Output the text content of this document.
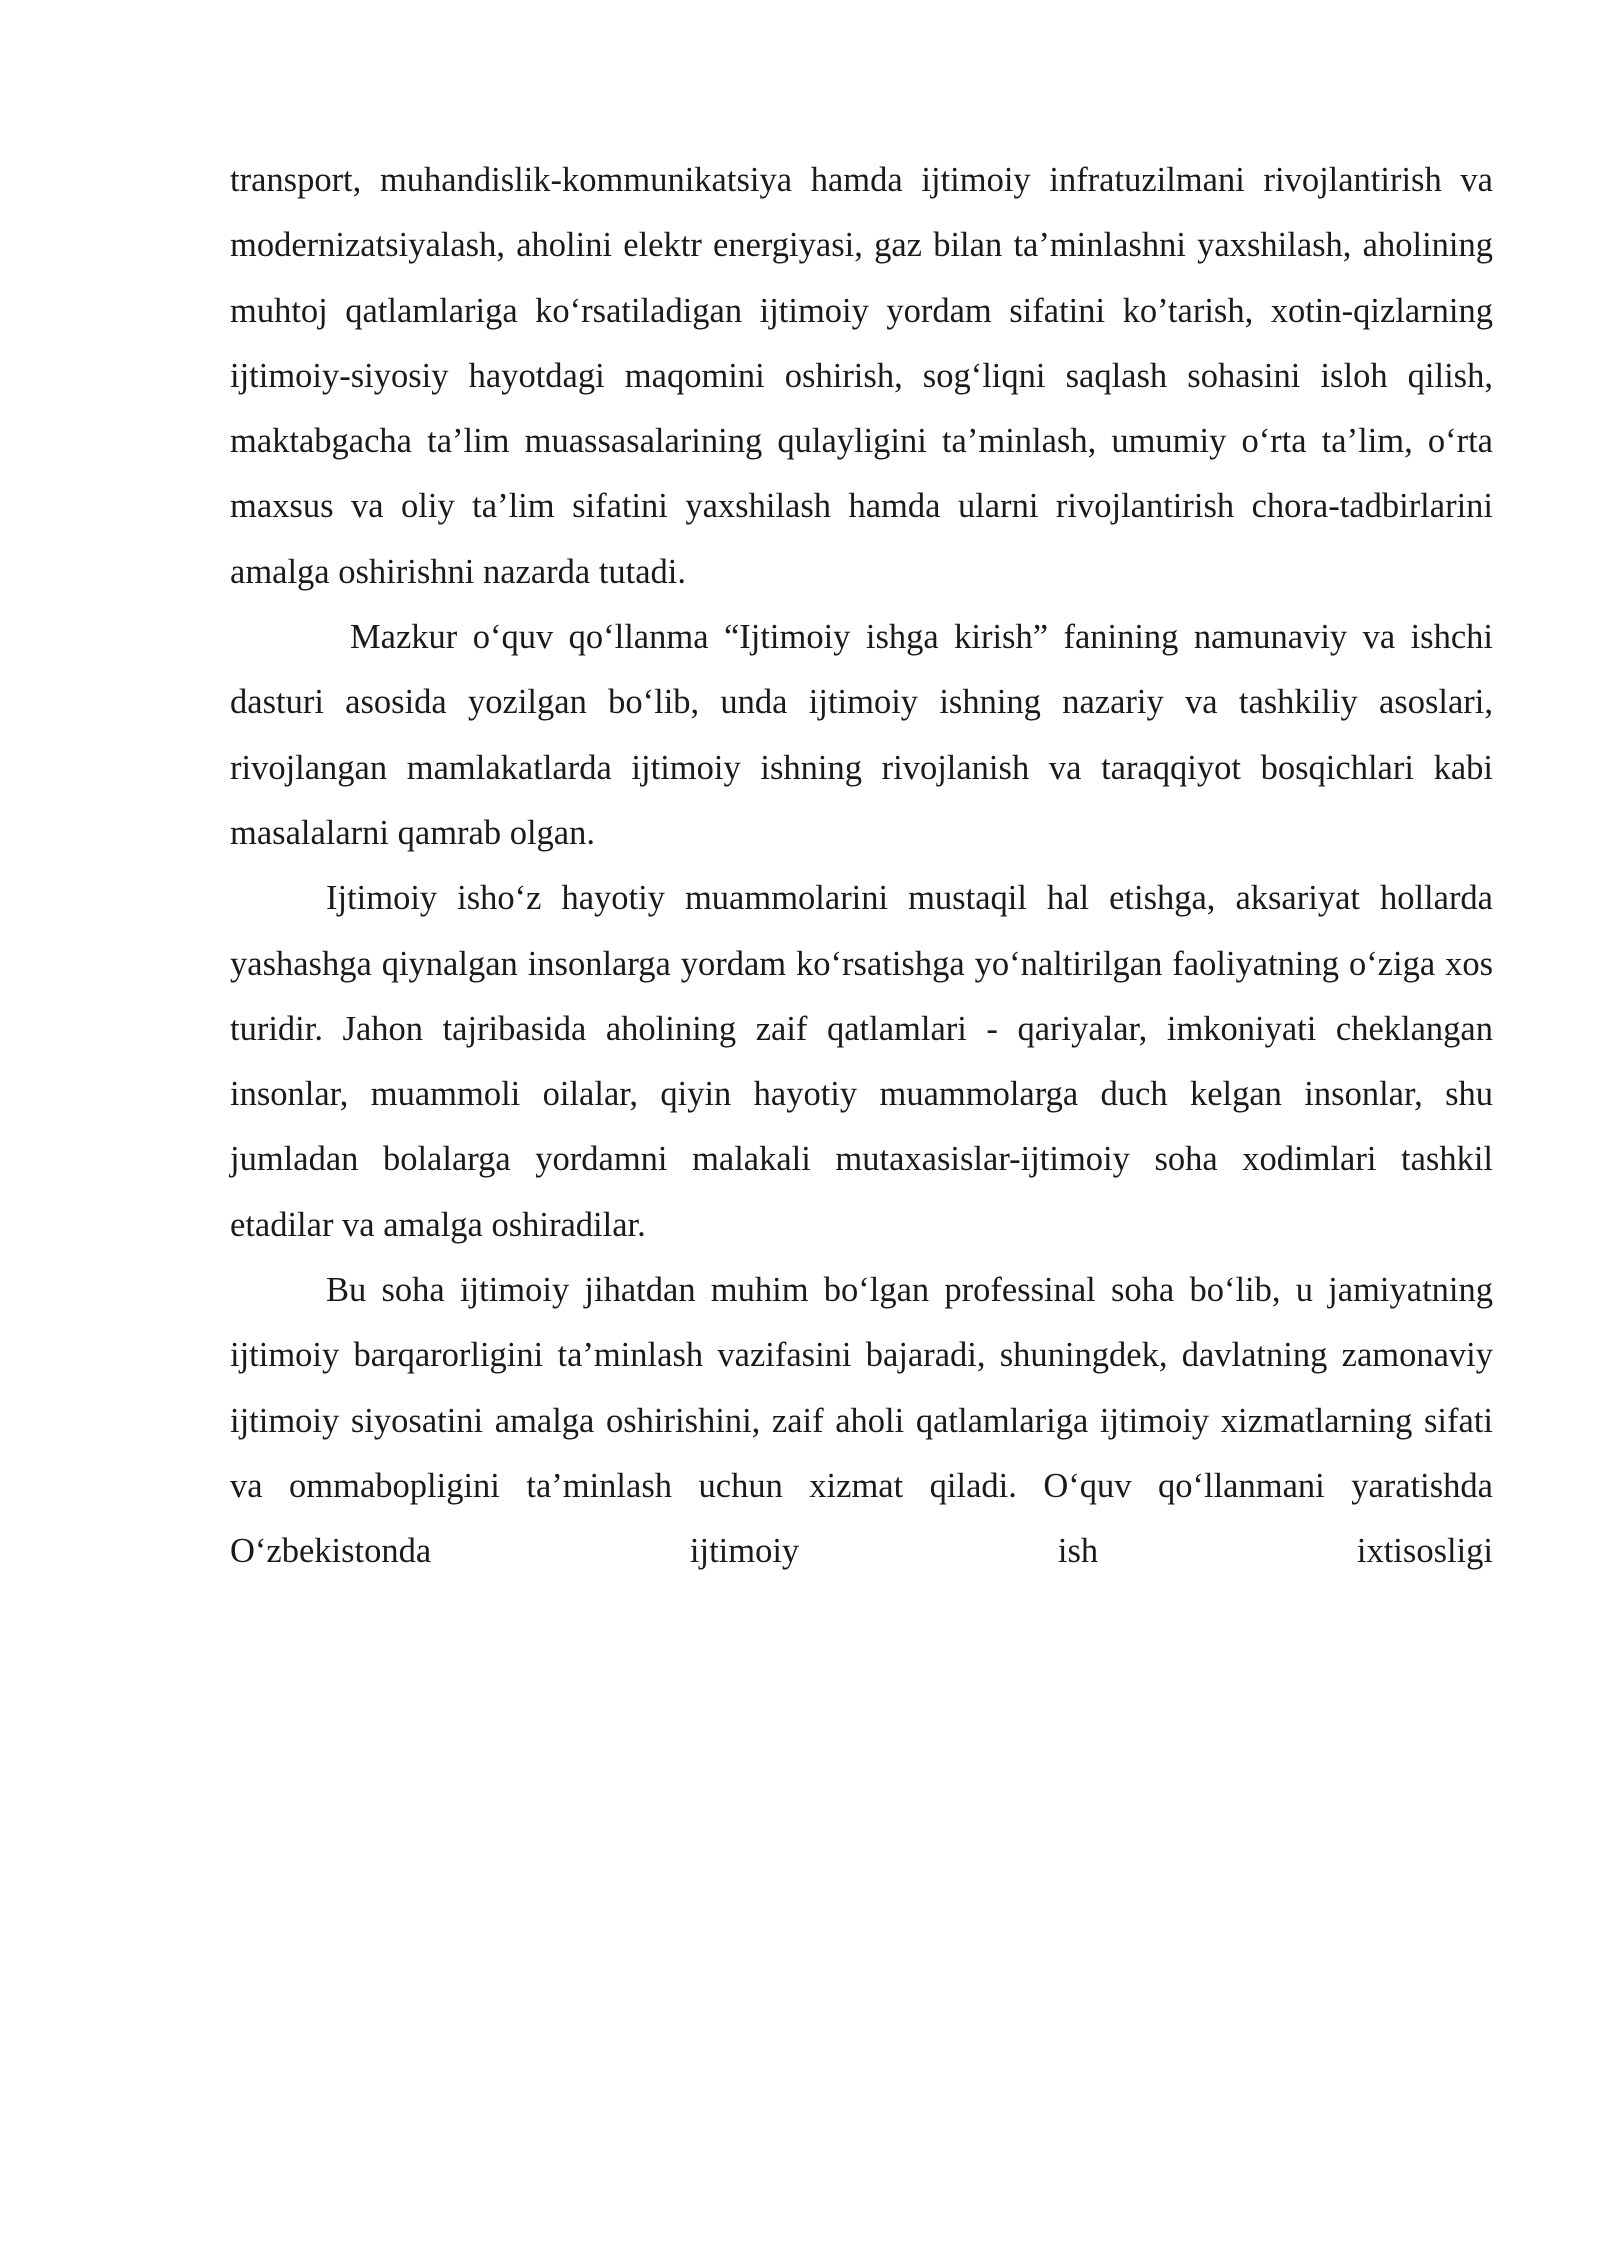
transport, muhandislik-kommunikatsiya hamda ijtimoiy infratuzilmani rivojlantirish va modernizatsiyalash, aholini elektr energiyasi, gaz bilan ta’minlashni yaxshilash, aholining muhtoj qatlamlariga ko‘rsatiladigan ijtimoiy yordam sifatini ko’tarish, xotin-qizlarning ijtimoiy-siyosiy hayotdagi maqomini oshirish, sog‘liqni saqlash sohasini isloh qilish, maktabgacha ta’lim muassasalarining qulayligini ta’minlash, umumiy o‘rta ta’lim, o‘rta maxsus va oliy ta’lim sifatini yaxshilash hamda ularni rivojlantirish chora-tadbirlarini amalga oshirishni nazarda tutadi.

Mazkur o‘quv qo‘llanma “Ijtimoiy ishga kirish” fanining namunaviy va ishchi dasturi asosida yozilgan bo‘lib, unda ijtimoiy ishning nazariy va tashkiliy asoslari, rivojlangan mamlakatlarda ijtimoiy ishning rivojlanish va taraqqiyot bosqichlari kabi masalalarni qamrab olgan.

Ijtimoiy isho‘z hayotiy muammolarini mustaqil hal etishga, aksariyat hollarda yashashga qiynalgan insonlarga yordam ko‘rsatishga yo‘naltirilgan faoliyatning o‘ziga xos turidir. Jahon tajribasida aholining zaif qatlamlari - qariyalar, imkoniyati cheklangan insonlar, muammoli oilalar, qiyin hayotiy muammolarga duch kelgan insonlar, shu jumladan bolalarga yordamni malakali mutaxasislar-ijtimoiy soha xodimlari tashkil etadilar va amalga oshiradilar.

Bu soha ijtimoiy jihatdan muhim bo‘lgan professinal soha bo‘lib, u jamiyatning ijtimoiy barqarorligini ta’minlash vazifasini bajaradi, shuningdek, davlatning zamonaviy ijtimoiy siyosatini amalga oshirishini, zaif aholi qatlamlariga ijtimoiy xizmatlarning sifati va ommabopligini ta’minlash uchun xizmat qiladi. O‘quv qo‘llanmani yaratishda O‘zbekistonda ijtimoiy ish ixtisosligi
